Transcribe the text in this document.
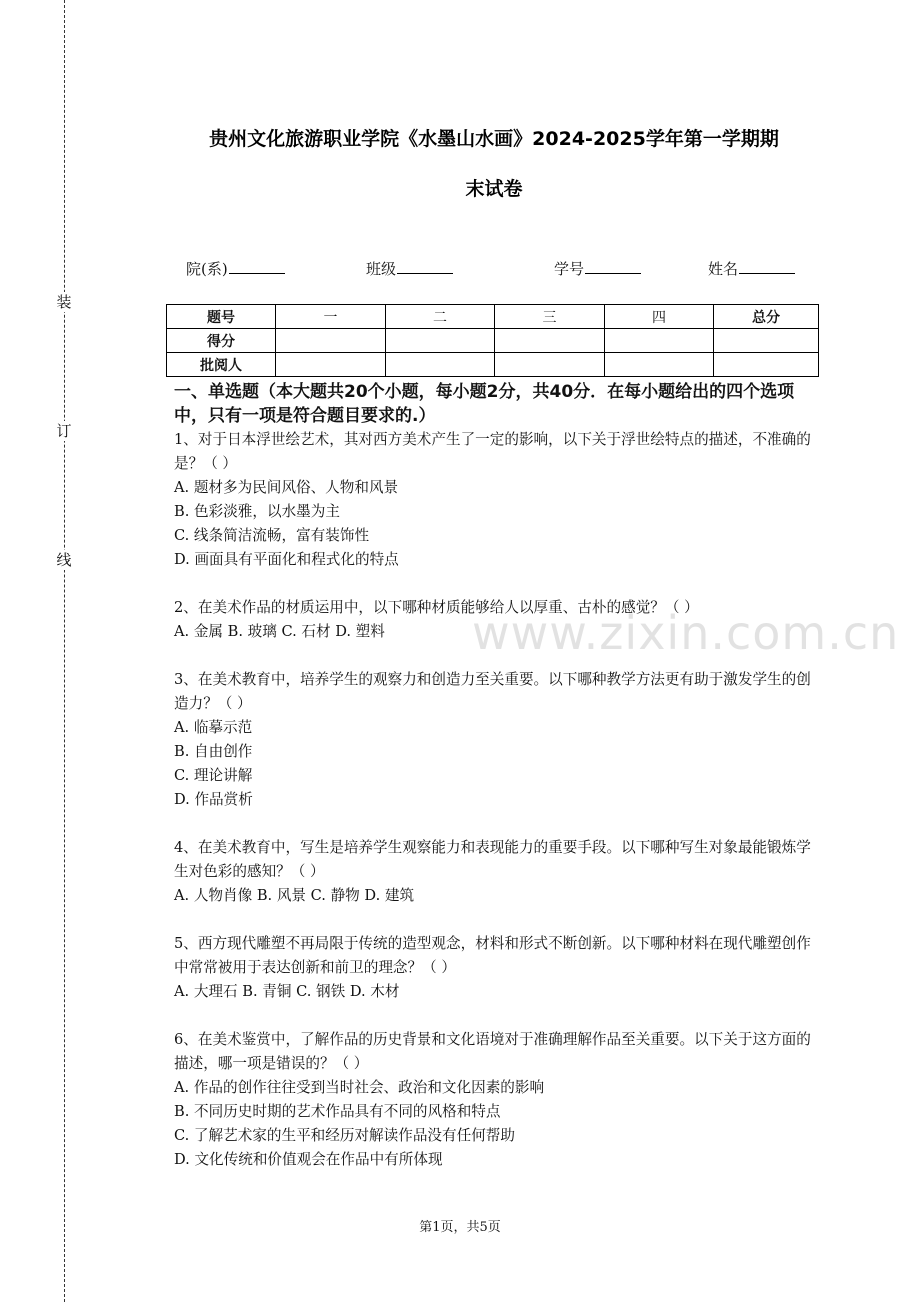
装
订
线
贵州文化旅游职业学院《水墨山水画》2024-2025学年第一学期期
末试卷
院(系)	班级	学号	姓名
题号	一	二	三	四	总分
得分					
批阅人					
一、单选题（本大题共20个小题，每小题2分，共40分．在每小题给出的四个选项中，只有一项是符合题目要求的.）
www.zixin.com.cn

1、对于日本浮世绘艺术，其对西方美术产生了一定的影响，以下关于浮世绘特点的描述，不准确的是？（ ）

A. 题材多为民间风俗、人物和风景

B. 色彩淡雅，以水墨为主

C. 线条简洁流畅，富有装饰性

D. 画面具有平面化和程式化的特点

2、在美术作品的材质运用中，以下哪种材质能够给人以厚重、古朴的感觉？（ ）

A. 金属 B. 玻璃 C. 石材 D. 塑料

3、在美术教育中，培养学生的观察力和创造力至关重要。以下哪种教学方法更有助于激发学生的创造力？（ ）

A. 临摹示范

B. 自由创作

C. 理论讲解

D. 作品赏析

4、在美术教育中，写生是培养学生观察能力和表现能力的重要手段。以下哪种写生对象最能锻炼学生对色彩的感知？（ ）

A. 人物肖像 B. 风景 C. 静物 D. 建筑

5、西方现代雕塑不再局限于传统的造型观念，材料和形式不断创新。以下哪种材料在现代雕塑创作中常常被用于表达创新和前卫的理念？（ ）

A. 大理石 B. 青铜 C. 钢铁 D. 木材

6、在美术鉴赏中，了解作品的历史背景和文化语境对于准确理解作品至关重要。以下关于这方面的描述，哪一项是错误的？（ ）

A. 作品的创作往往受到当时社会、政治和文化因素的影响

B. 不同历史时期的艺术作品具有不同的风格和特点

C. 了解艺术家的生平和经历对解读作品没有任何帮助

D. 文化传统和价值观会在作品中有所体现

第1页，共5页
